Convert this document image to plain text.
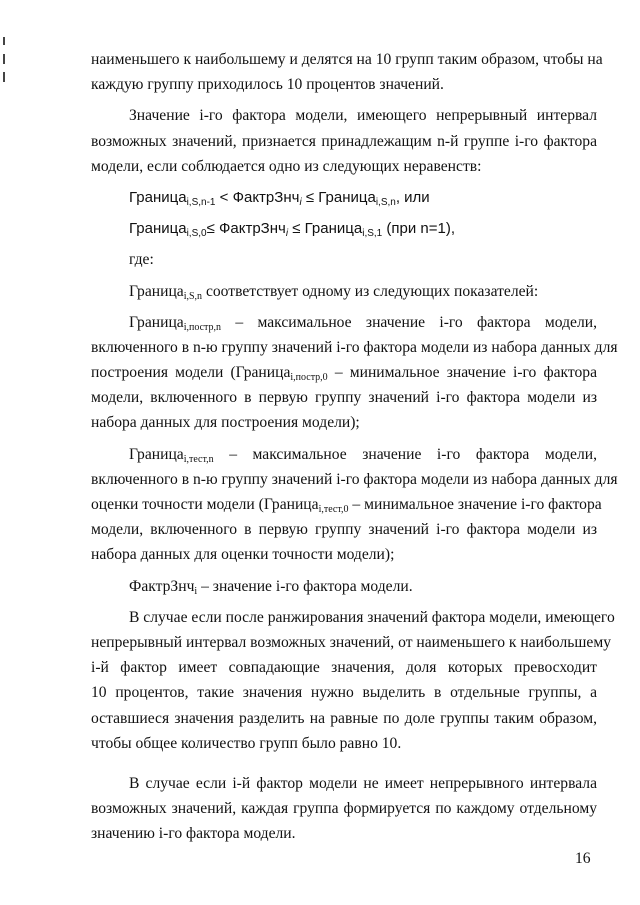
наименьшего к наибольшему и делятся на 10 групп таким образом, чтобы на
каждую группу приходилось 10 процентов значений.
Значение i-го фактора модели, имеющего непрерывный интервал
возможных значений, признается принадлежащим n-й группе i-го фактора
модели, если соблюдается одно из следующих неравенств:
Граница$_{i,S,n-1}$ < ФактрЗнч$_i$ ≤ Граница$_{i,S,n}$, или
Граница$_{i,S,0}$≤ ФактрЗнч$_i$ ≤ Граница$_{i,S,1}$ (при n=1),
где:
Граница$_{i,S,n}$ соответствует одному из следующих показателей:
Граница$_{i,постр,n}$ – максимальное значение i-го фактора модели,
включенного в n-ю группу значений i-го фактора модели из набора данных для
построения модели (Граница$_{i,постр,0}$ – минимальное значение i-го фактора
модели, включенного в первую группу значений i-го фактора модели из
набора данных для построения модели);
Граница$_{i,тест,n}$ – максимальное значение i-го фактора модели,
включенного в n-ю группу значений i-го фактора модели из набора данных для
оценки точности модели (Граница$_{i,тест,0}$ – минимальное значение i-го фактора
модели, включенного в первую группу значений i-го фактора модели из
набора данных для оценки точности модели);
ФактрЗнч$_i$ – значение i-го фактора модели.
В случае если после ранжирования значений фактора модели, имеющего
непрерывный интервал возможных значений, от наименьшего к наибольшему
i-й фактор имеет совпадающие значения, доля которых превосходит
10 процентов, такие значения нужно выделить в отдельные группы, а
оставшиеся значения разделить на равные по доле группы таким образом,
чтобы общее количество групп было равно 10.
В случае если i-й фактор модели не имеет непрерывного интервала
возможных значений, каждая группа формируется по каждому отдельному
значению i-го фактора модели.
16
